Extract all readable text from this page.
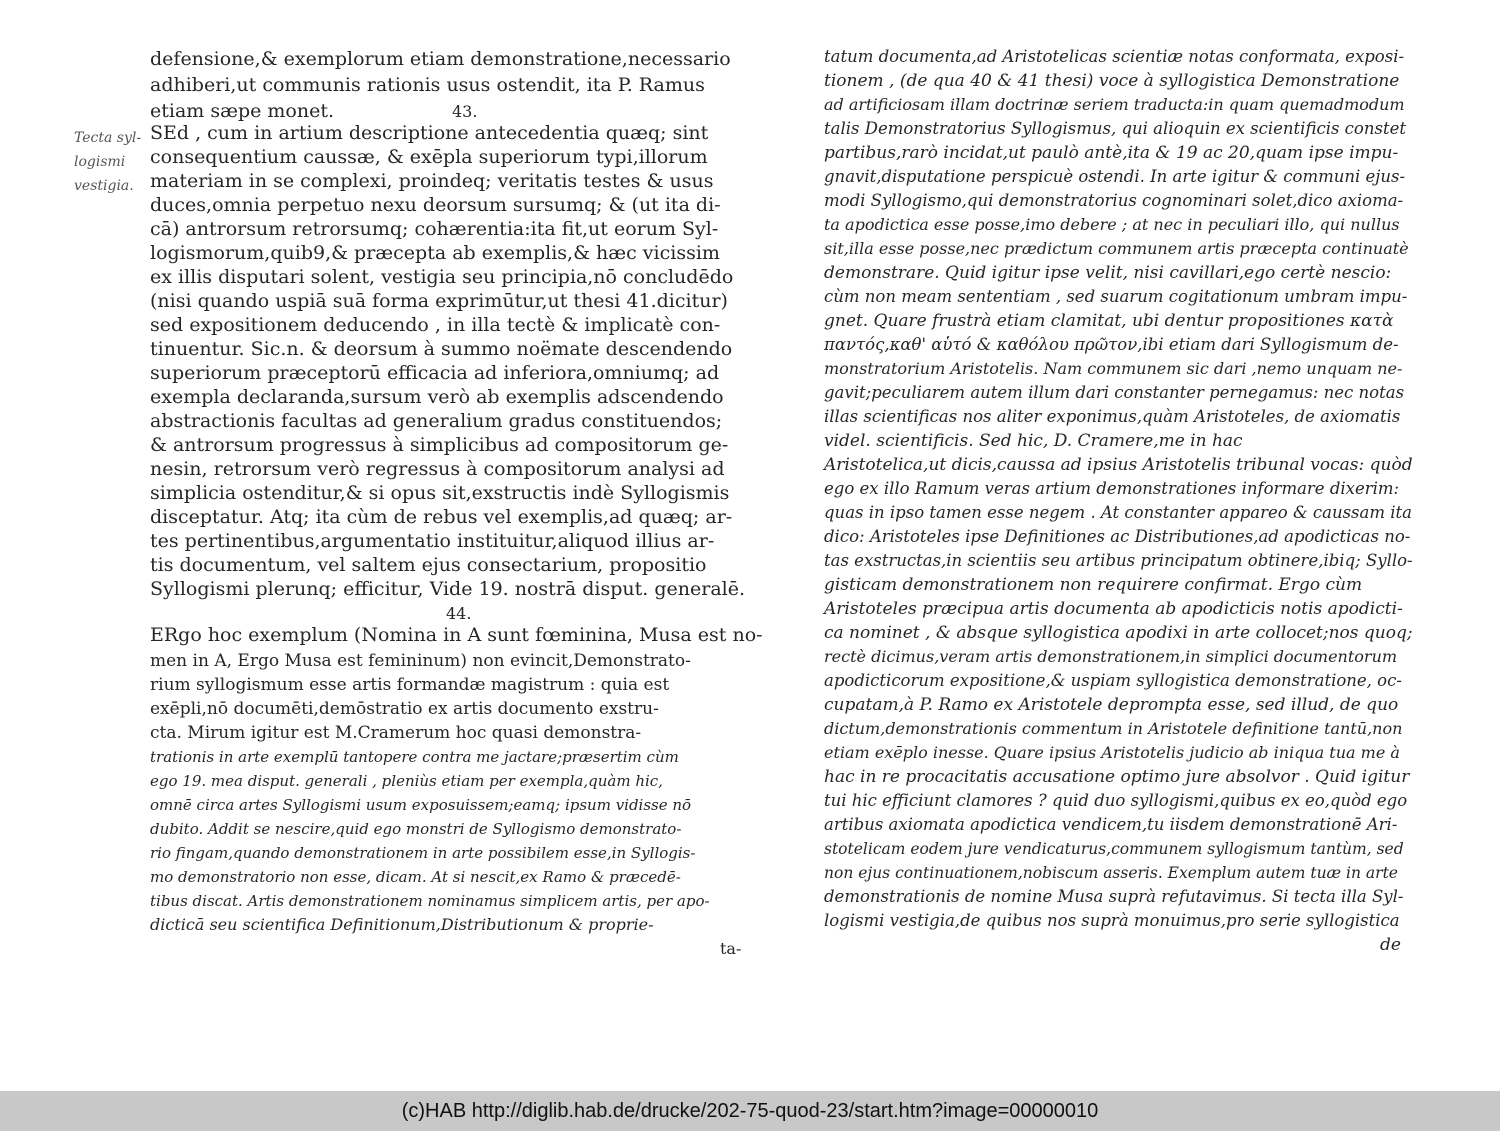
Tecta syl-
logismi
vestigia.
defensione,& exemplorum etiam demonstratione,necessario
adhiberi,ut communis rationis usus ostendit, ita P. Ramus
etiam sæpe monet.	43.
SEd , cum in artium descriptione antecedentia quæq; sint
consequentium caussæ, & exēpla superiorum typi,illorum
materiam in se complexi, proindeq; veritatis testes & usus
duces,omnia perpetuo nexu deorsum sursumq; & (ut ita di-
cā) antrorsum retrorsumq; cohærentia:ita fit,ut eorum Syl-
logismorum,quib9,& præcepta ab exemplis,& hæc vicissim
ex illis disputari solent, vestigia seu principia,nō concludēdo
(nisi quando uspiā suā forma exprimūtur,ut thesi 41.dicitur)
sed expositionem deducendo , in illa tectè & implicatè con-
tinuentur. Sic.n. & deorsum à summo noëmate descendendo
superiorum præceptorū efficacia ad inferiora,omniumq; ad
exempla declaranda,sursum verò ab exemplis adscendendo
abstractionis facultas ad generalium gradus constituendos;
& antrorsum progressus à simplicibus ad compositorum ge-
nesin, retrorsum verò regressus à compositorum analysi ad
simplicia ostenditur,& si opus sit,exstructis indè Syllogismis
disceptatur. Atq; ita cùm de rebus vel exemplis,ad quæq; ar-
tes pertinentibus,argumentatio instituitur,aliquod illius ar-
tis documentum, vel saltem ejus consectarium, propositio
Syllogismi plerunq; efficitur, Vide 19. nostrā disput. generalē.
44.
ERgo hoc exemplum (Nomina in A sunt fœminina, Musa est no-
men in A, Ergo Musa est femininum) non evincit,Demonstrato-
rium syllogismum esse artis formandæ magistrum : quia est
exēpli,nō documēti,demōstratio ex artis documento exstru-
cta. Mirum igitur est M.Cramerum hoc quasi demonstra-
trationis in arte exemplū tantopere contra me jactare;præsertim cùm
ego 19. mea disput. generali , pleniùs etiam per exempla,quàm hic,
omnē circa artes Syllogismi usum exposuissem;eamq; ipsum vidisse nō
dubito. Addit se nescire,quid ego monstri de Syllogismo demonstrato-
rio fingam,quando demonstrationem in arte possibilem esse,in Syllogis-
mo demonstratorio non esse, dicam. At si nescit,ex Ramo & præcedē-
tibus discat. Artis demonstrationem nominamus simplicem artis, per apo-
dicticā seu scientifica Definitionum,Distributionum & proprie-
ta-
tatum documenta,ad Aristotelicas scientiæ notas conformata, exposi-
tionem , (de qua 40 & 41 thesi) voce à syllogistica Demonstratione
ad artificiosam illam doctrinæ seriem traducta:in quam quemadmodum
talis Demonstratorius Syllogismus, qui alioquin ex scientificis constet
partibus,rarò incidat,ut paulò antè,ita & 19 ac 20,quam ipse impu-
gnavit,disputatione perspicuè ostendi. In arte igitur & communi ejus-
modi Syllogismo,qui demonstratorius cognominari solet,dico axioma-
ta apodictica esse posse,imo debere ; at nec in peculiari illo, qui nullus
sit,illa esse posse,nec prædictum communem artis præcepta continuatè
demonstrare. Quid igitur ipse velit, nisi cavillari,ego certè nescio:
cùm non meam sententiam , sed suarum cogitationum umbram impu-
gnet. Quare frustrà etiam clamitat, ubi dentur propositiones κατὰ
παντός,καθ' αὑτό & καθόλου πρῶτον,ibi etiam dari Syllogismum de-
monstratorium Aristotelis. Nam communem sic dari ,nemo unquam ne-
gavit;peculiarem autem illum dari constanter pernegamus: nec notas
illas scientificas nos aliter exponimus,quàm Aristoteles, de axiomatis
videl. scientificis. Sed hic, D. Cramere,me in hac
Aristotelica,ut dicis,caussa ad ipsius Aristotelis tribunal vocas: quòd
ego ex illo Ramum veras artium demonstrationes informare dixerim:
quas in ipso tamen esse negem . At constanter appareo & caussam ita
dico: Aristoteles ipse Definitiones ac Distributiones,ad apodicticas no-
tas exstructas,in scientiis seu artibus principatum obtinere,ibiq; Syllo-
gisticam demonstrationem non requirere confirmat. Ergo cùm
Aristoteles præcipua artis documenta ab apodicticis notis apodicti-
ca nominet , & absque syllogistica apodixi in arte collocet;nos quoq;
rectè dicimus,veram artis demonstrationem,in simplici documentorum
apodicticorum expositione,& uspiam syllogistica demonstratione, oc-
cupatam,à P. Ramo ex Aristotele deprompta esse, sed illud, de quo
dictum,demonstrationis commentum in Aristotele definitione tantū,non
etiam exēplo inesse. Quare ipsius Aristotelis judicio ab iniqua tua me à
hac in re procacitatis accusatione optimo jure absolvor . Quid igitur
tui hic efficiunt clamores ? quid duo syllogismi,quibus ex eo,quòd ego
artibus axiomata apodictica vendicem,tu iisdem demonstrationē Ari-
stotelicam eodem jure vendicaturus,communem syllogismum tantùm, sed
non ejus continuationem,nobiscum asseris. Exemplum autem tuæ in arte
demonstrationis de nomine Musa suprà refutavimus. Si tecta illa Syl-
logismi vestigia,de quibus nos suprà monuimus,pro serie syllogistica
de
(c)HAB http://diglib.hab.de/drucke/202-75-quod-23/start.htm?image=00000010
